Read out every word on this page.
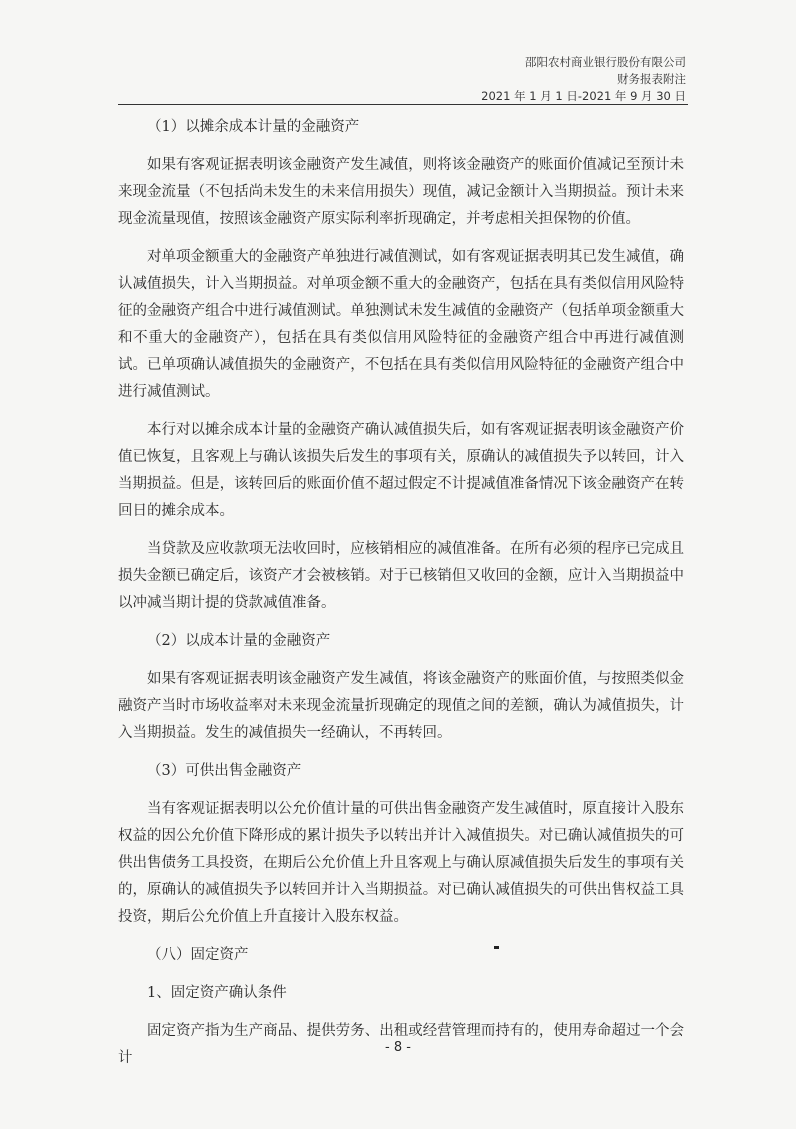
邵阳农村商业银行股份有限公司
财务报表附注
2021 年 1 月 1 日-2021 年 9 月 30 日

（1）以摊余成本计量的金融资产

如果有客观证据表明该金融资产发生减值，则将该金融资产的账面价值减记至预计未来现金流量（不包括尚未发生的未来信用损失）现值，减记金额计入当期损益。预计未来现金流量现值，按照该金融资产原实际利率折现确定，并考虑相关担保物的价值。

对单项金额重大的金融资产单独进行减值测试，如有客观证据表明其已发生减值，确认减值损失，计入当期损益。对单项金额不重大的金融资产，包括在具有类似信用风险特征的金融资产组合中进行减值测试。单独测试未发生减值的金融资产（包括单项金额重大和不重大的金融资产），包括在具有类似信用风险特征的金融资产组合中再进行减值测试。已单项确认减值损失的金融资产，不包括在具有类似信用风险特征的金融资产组合中进行减值测试。

本行对以摊余成本计量的金融资产确认减值损失后，如有客观证据表明该金融资产价值已恢复，且客观上与确认该损失后发生的事项有关，原确认的减值损失予以转回，计入当期损益。但是，该转回后的账面价值不超过假定不计提减值准备情况下该金融资产在转回日的摊余成本。

当贷款及应收款项无法收回时，应核销相应的减值准备。在所有必须的程序已完成且损失金额已确定后，该资产才会被核销。对于已核销但又收回的金额，应计入当期损益中以冲减当期计提的贷款减值准备。

（2）以成本计量的金融资产

如果有客观证据表明该金融资产发生减值，将该金融资产的账面价值，与按照类似金融资产当时市场收益率对未来现金流量折现确定的现值之间的差额，确认为减值损失，计入当期损益。发生的减值损失一经确认，不再转回。

（3）可供出售金融资产

当有客观证据表明以公允价值计量的可供出售金融资产发生减值时，原直接计入股东权益的因公允价值下降形成的累计损失予以转出并计入减值损失。对已确认减值损失的可供出售债务工具投资，在期后公允价值上升且客观上与确认原减值损失后发生的事项有关的，原确认的减值损失予以转回并计入当期损益。对已确认减值损失的可供出售权益工具投资，期后公允价值上升直接计入股东权益。

（八）固定资产

1、固定资产确认条件

固定资产指为生产商品、提供劳务、出租或经营管理而持有的，使用寿命超过一个会计

- 8 -
